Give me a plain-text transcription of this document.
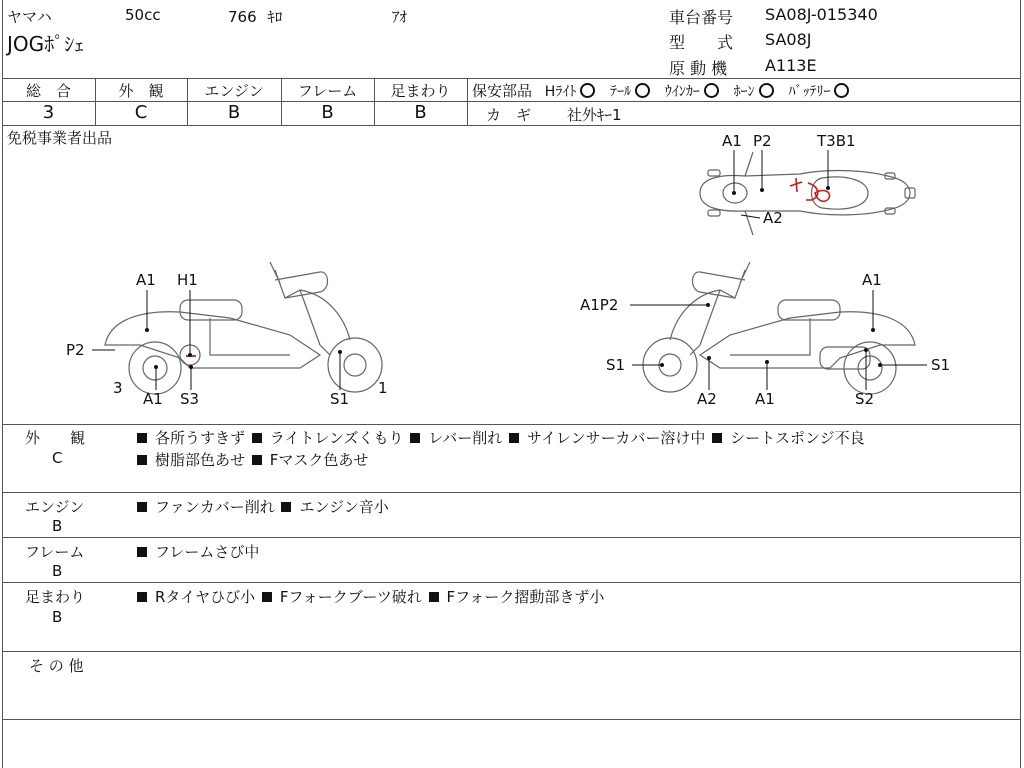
ヤマハ	50cc	766 ｷﾛ	ｱｵ
JOGﾎﾟｼｪ
車台番号 SA08J-015340
型　　式 SA08J
原 動 機 A113E
総　合	外　観	エンジン	フレーム	足まわり
3	C	B	B	B
保安部品 Hﾗｲﾄ ﾃｰﾙ ｳｲﾝｶｰ ﾎｰﾝ ﾊﾞｯﾃﾘｰ
カ　ギ 社外ｷｰ1
免税事業者出品	A1 P2	T3B1
A2
A1 H1
P2
3
A1 S3	S1
1
A1P2
A1
S1	S1
A2	A1	S2
外　　観
C
各所うすきず ライトレンズくもり レバー削れ サイレンサーカバー溶け中 シートスポンジ不良
樹脂部色あせ Fマスク色あせ
エンジン
B
ファンカバー削れ エンジン音小
フレーム
B
フレームさび中
足まわり
B
Rタイヤひび小 Fフォークブーツ破れ Fフォーク摺動部きず小
そ の 他
